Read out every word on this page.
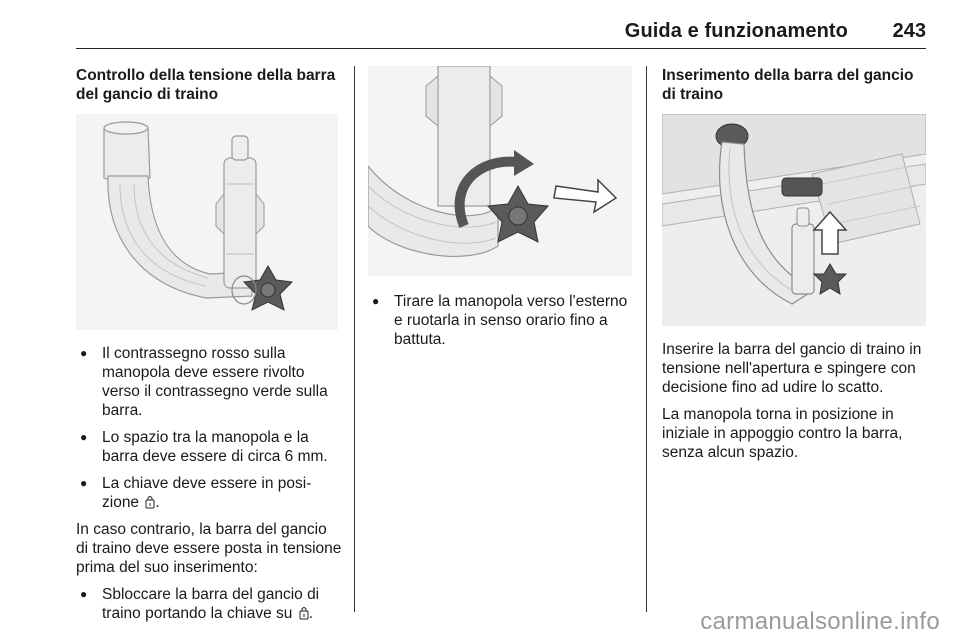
Guida e funzionamento	243
Controllo della tensione della barra del gancio di traino
● Il contrassegno rosso sulla manopola deve essere rivolto verso il contrassegno verde sulla barra.
● Lo spazio tra la manopola e la barra deve essere di circa 6 mm.
● La chiave deve essere in posi-zione .

In caso contrario, la barra del gancio di traino deve essere posta in tensione prima del suo inserimento:

● Sbloccare la barra del gancio di traino portando la chiave su .
● Tirare la manopola verso l'esterno e ruotarla in senso orario fino a battuta.
Inserimento della barra del gancio di traino

Inserire la barra del gancio di traino in tensione nell'apertura e spingere con decisione fino ad udire lo scatto.

La manopola torna in posizione in iniziale in appoggio contro la barra, senza alcun spazio.

carmanualsonline.info
